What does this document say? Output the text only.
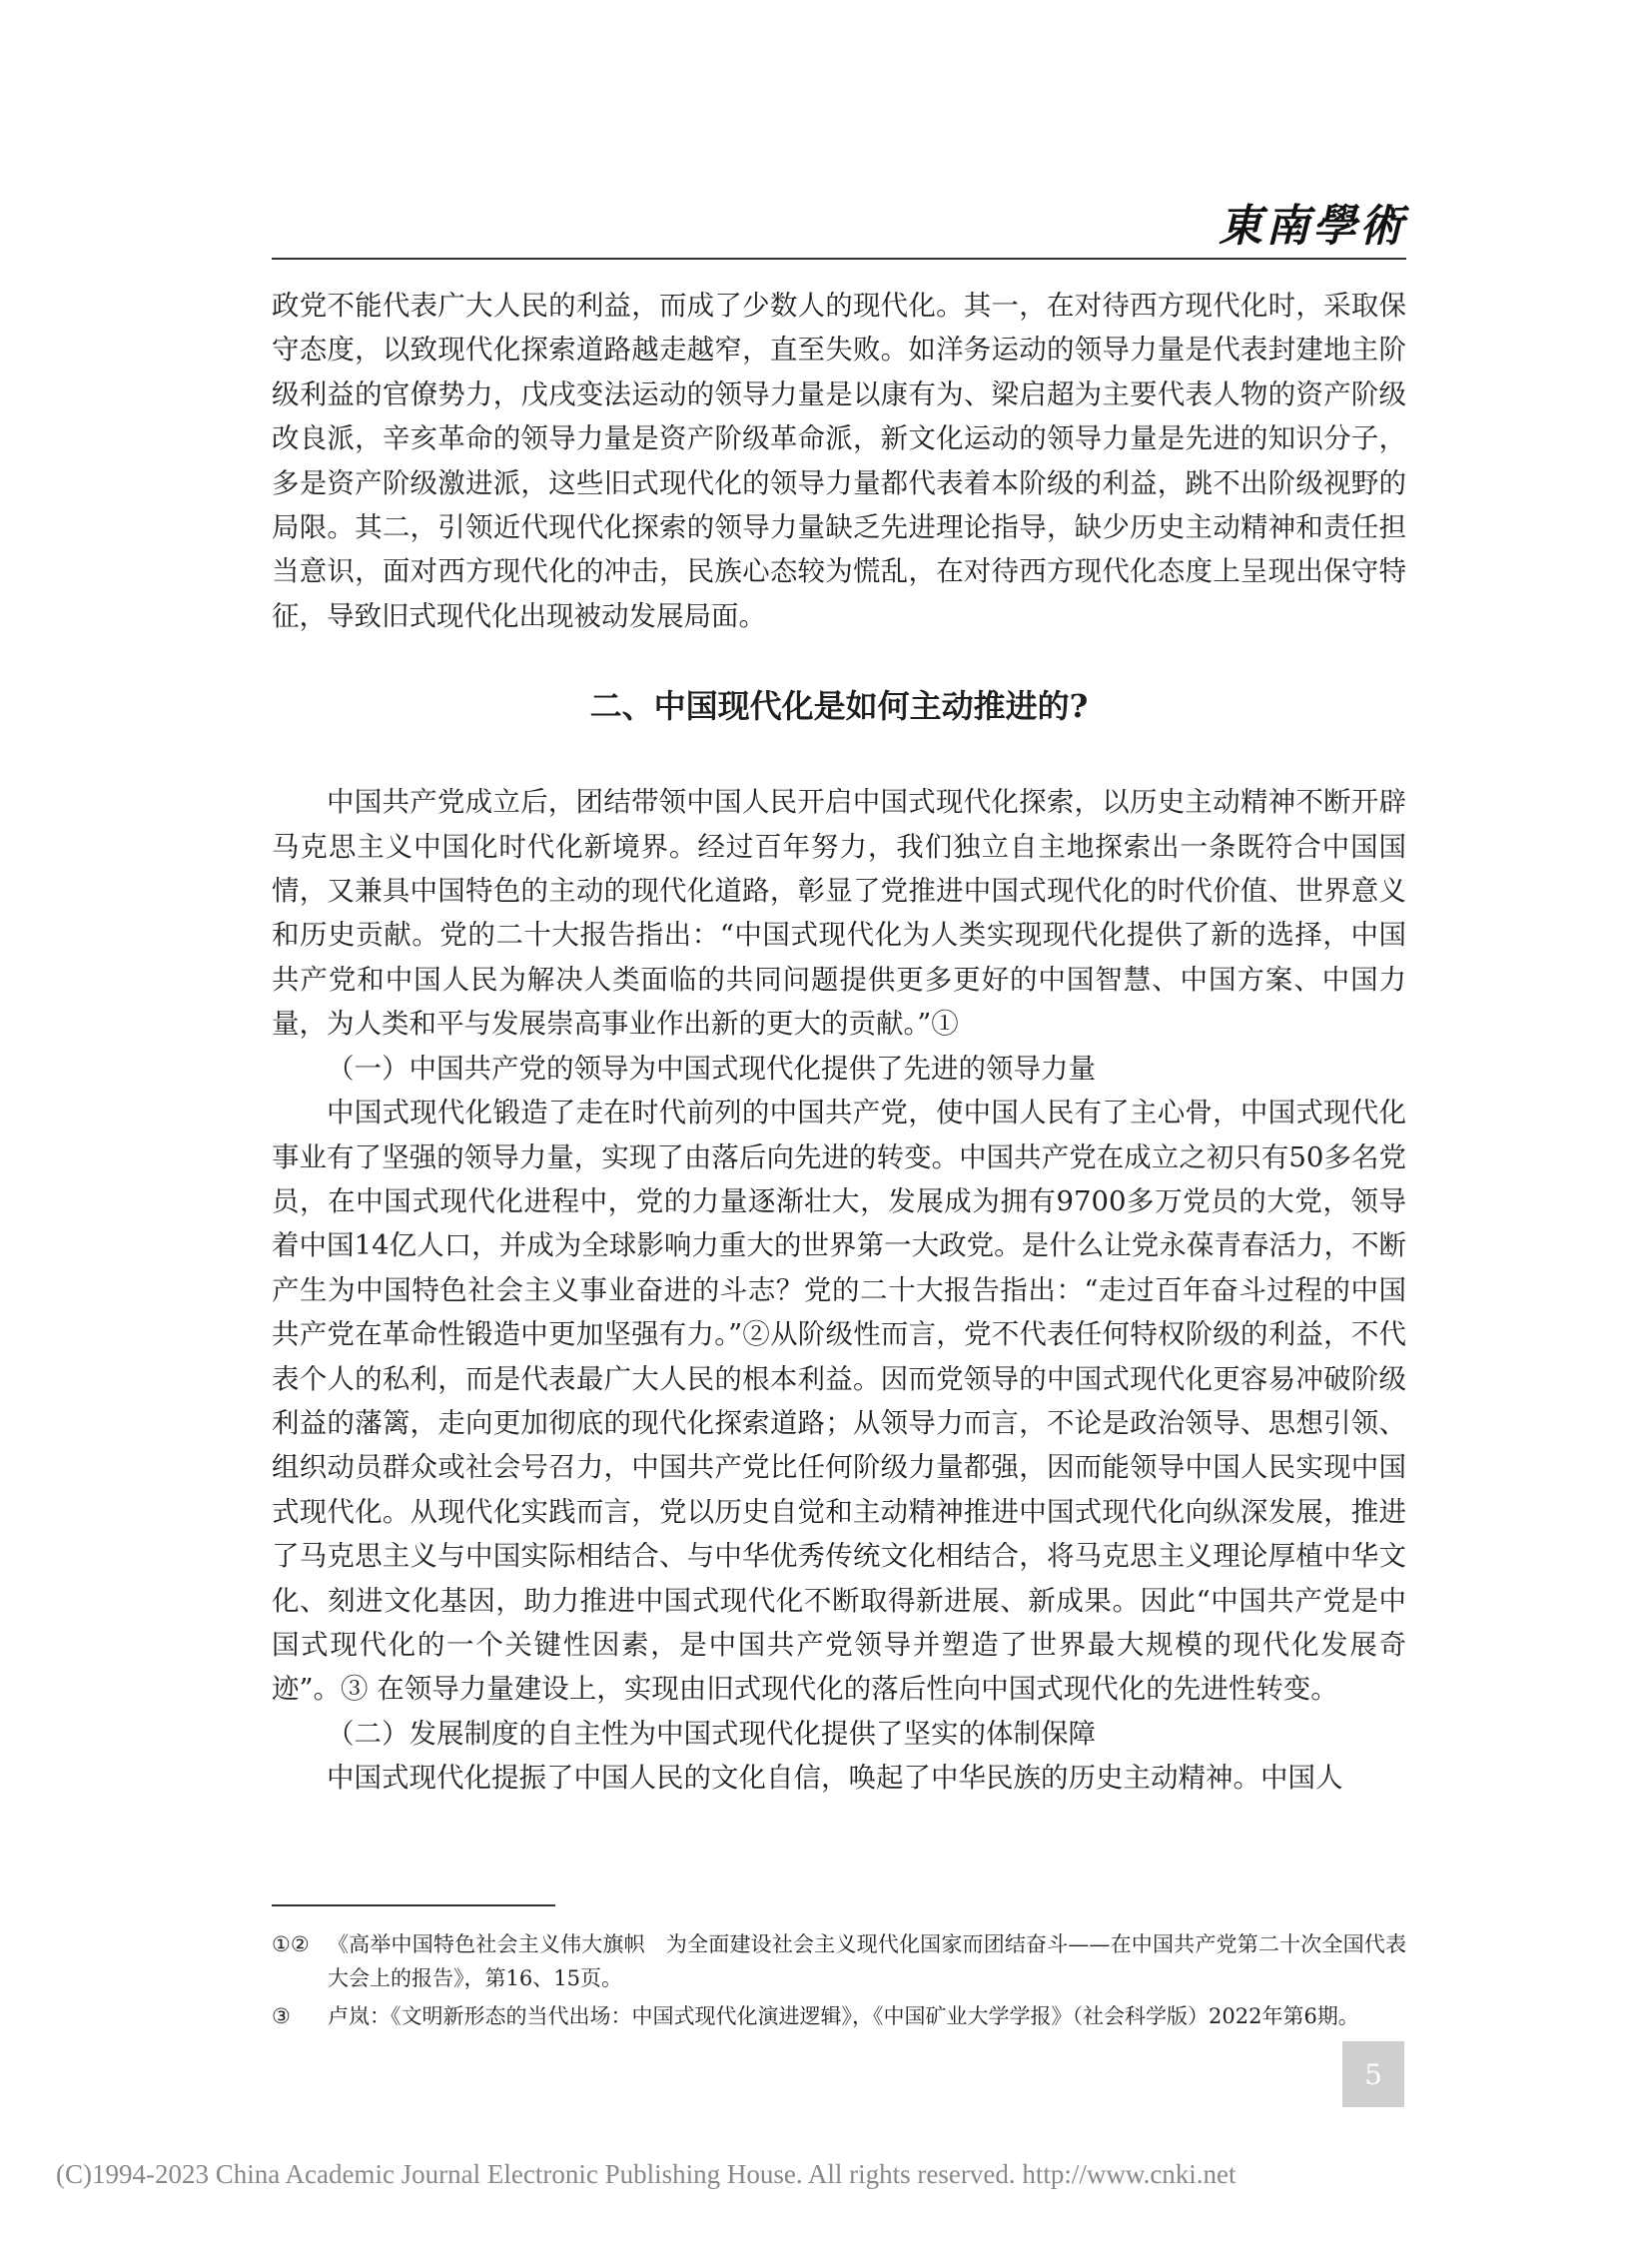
東南學術

政党不能代表广大人民的利益，而成了少数人的现代化。其一，在对待西方现代化时，采取保守态度，以致现代化探索道路越走越窄，直至失败。如洋务运动的领导力量是代表封建地主阶级利益的官僚势力，戊戌变法运动的领导力量是以康有为、梁启超为主要代表人物的资产阶级改良派，辛亥革命的领导力量是资产阶级革命派，新文化运动的领导力量是先进的知识分子，多是资产阶级激进派，这些旧式现代化的领导力量都代表着本阶级的利益，跳不出阶级视野的局限。其二，引领近代现代化探索的领导力量缺乏先进理论指导，缺少历史主动精神和责任担当意识，面对西方现代化的冲击，民族心态较为慌乱，在对待西方现代化态度上呈现出保守特征，导致旧式现代化出现被动发展局面。

二、中国现代化是如何主动推进的?

中国共产党成立后，团结带领中国人民开启中国式现代化探索，以历史主动精神不断开辟马克思主义中国化时代化新境界。经过百年努力，我们独立自主地探索出一条既符合中国国情，又兼具中国特色的主动的现代化道路，彰显了党推进中国式现代化的时代价值、世界意义和历史贡献。党的二十大报告指出：“中国式现代化为人类实现现代化提供了新的选择，中国共产党和中国人民为解决人类面临的共同问题提供更多更好的中国智慧、中国方案、中国力量，为人类和平与发展崇高事业作出新的更大的贡献。”①

（一）中国共产党的领导为中国式现代化提供了先进的领导力量

中国式现代化锻造了走在时代前列的中国共产党，使中国人民有了主心骨，中国式现代化事业有了坚强的领导力量，实现了由落后向先进的转变。中国共产党在成立之初只有50多名党员，在中国式现代化进程中，党的力量逐渐壮大，发展成为拥有9700多万党员的大党，领导着中国14亿人口，并成为全球影响力重大的世界第一大政党。是什么让党永葆青春活力，不断产生为中国特色社会主义事业奋进的斗志？党的二十大报告指出：“走过百年奋斗过程的中国共产党在革命性锻造中更加坚强有力。”②从阶级性而言，党不代表任何特权阶级的利益，不代表个人的私利，而是代表最广大人民的根本利益。因而党领导的中国式现代化更容易冲破阶级利益的藩篱，走向更加彻底的现代化探索道路；从领导力而言，不论是政治领导、思想引领、组织动员群众或社会号召力，中国共产党比任何阶级力量都强，因而能领导中国人民实现中国式现代化。从现代化实践而言，党以历史自觉和主动精神推进中国式现代化向纵深发展，推进了马克思主义与中国实际相结合、与中华优秀传统文化相结合，将马克思主义理论厚植中华文化、刻进文化基因，助力推进中国式现代化不断取得新进展、新成果。因此“中国共产党是中国式现代化的一个关键性因素，是中国共产党领导并塑造了世界最大规模的现代化发展奇迹”。③ 在领导力量建设上，实现由旧式现代化的落后性向中国式现代化的先进性转变。

（二）发展制度的自主性为中国式现代化提供了坚实的体制保障

中国式现代化提振了中国人民的文化自信，唤起了中华民族的历史主动精神。中国人

①② 《高举中国特色社会主义伟大旗帜　为全面建设社会主义现代化国家而团结奋斗——在中国共产党第二十次全国代表大会上的报告》，第16、15页。
③	卢岚：《文明新形态的当代出场：中国式现代化演进逻辑》，《中国矿业大学学报》（社会科学版）2022年第6期。
5
(C)1994-2023 China Academic Journal Electronic Publishing House. All rights reserved. http://www.cnki.net
